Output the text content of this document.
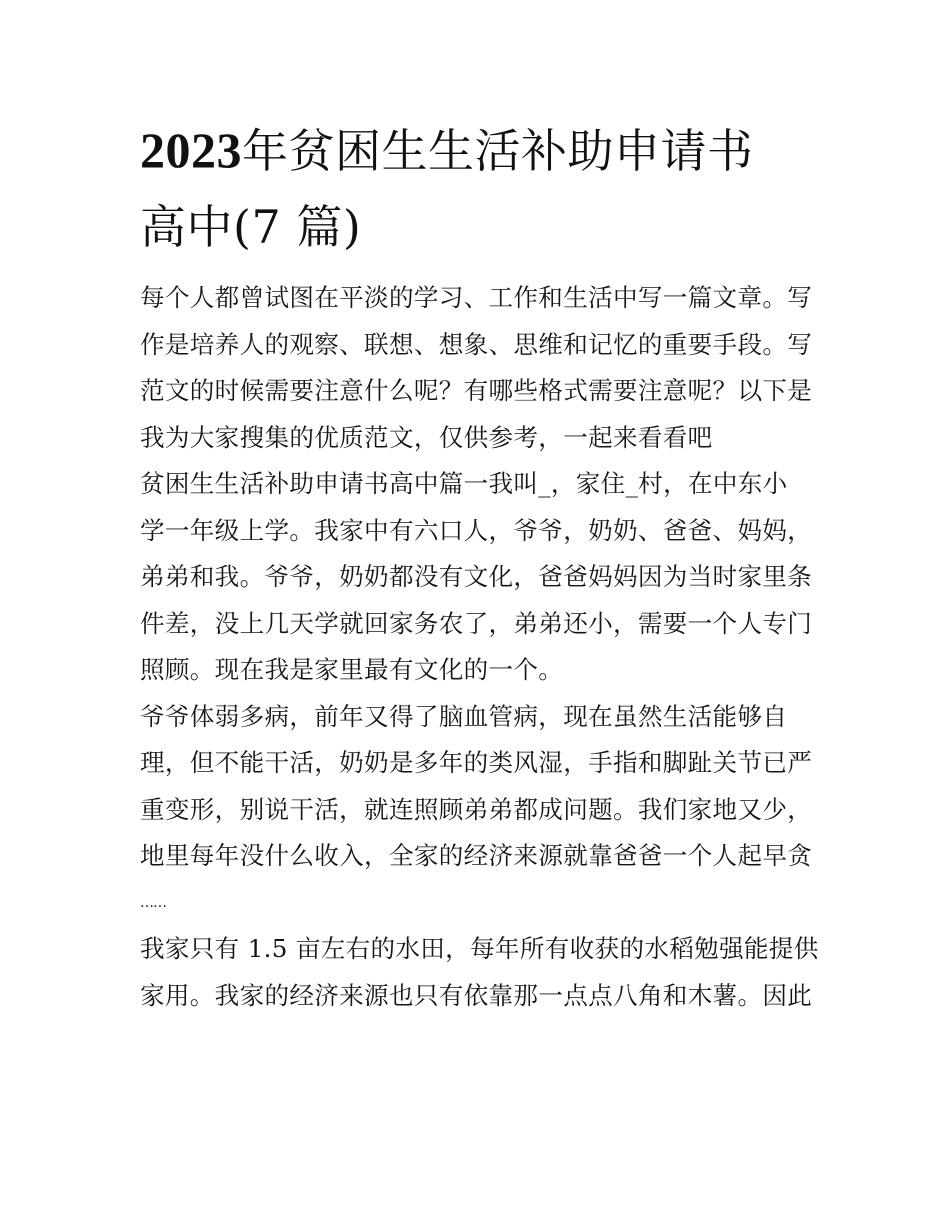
2023年贫困生生活补助申请书
高中(7 篇)

每个人都曾试图在平淡的学习、工作和生活中写一篇文章。写
作是培养人的观察、联想、想象、思维和记忆的重要手段。写
范文的时候需要注意什么呢？有哪些格式需要注意呢？以下是
我为大家搜集的优质范文，仅供参考，一起来看看吧

贫困生生活补助申请书高中篇一我叫_，家住_村，在中东小
学一年级上学。我家中有六口人，爷爷，奶奶、爸爸、妈妈，
弟弟和我。爷爷，奶奶都没有文化，爸爸妈妈因为当时家里条
件差，没上几天学就回家务农了，弟弟还小，需要一个人专门
照顾。现在我是家里最有文化的一个。

爷爷体弱多病，前年又得了脑血管病，现在虽然生活能够自
理，但不能干活，奶奶是多年的类风湿，手指和脚趾关节已严
重变形，别说干活，就连照顾弟弟都成问题。我们家地又少，
地里每年没什么收入，全家的经济来源就靠爸爸一个人起早贪
……

我家只有 1.5 亩左右的水田，每年所有收获的水稻勉强能提供
家用。我家的经济来源也只有依靠那一点点八角和木薯。因此
